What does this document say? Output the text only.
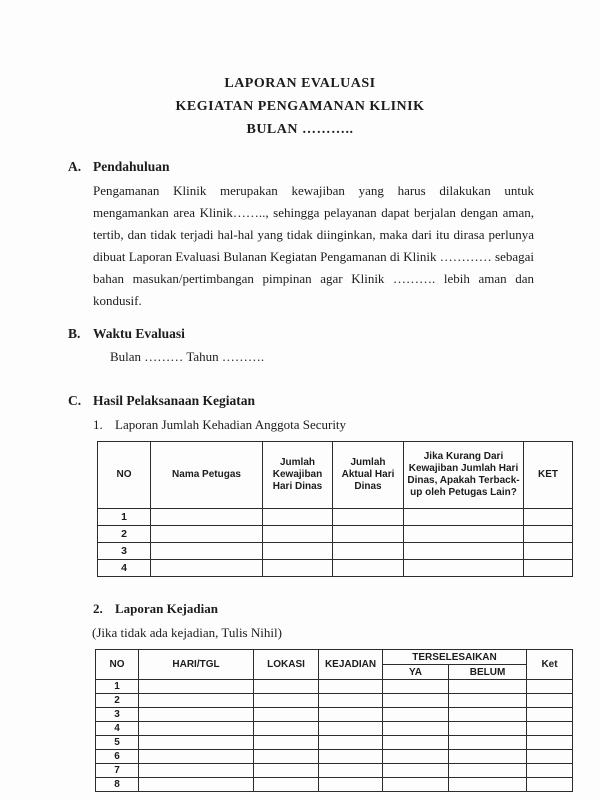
LAPORAN EVALUASI
KEGIATAN PENGAMANAN KLINIK
BULAN ………..
A. Pendahuluan
Pengamanan Klinik merupakan kewajiban yang harus dilakukan untuk mengamankan area Klinik…….., sehingga pelayanan dapat berjalan dengan aman, tertib, dan tidak terjadi hal-hal yang tidak diinginkan, maka dari itu dirasa perlunya dibuat Laporan Evaluasi Bulanan Kegiatan Pengamanan di Klinik ………… sebagai bahan masukan/pertimbangan pimpinan agar Klinik ………. lebih aman dan kondusif.
B. Waktu Evaluasi
Bulan ……… Tahun ……….
C. Hasil Pelaksanaan Kegiatan
1. Laporan Jumlah Kehadian Anggota Security
NO	Nama Petugas	Jumlah Kewajiban Hari Dinas	Jumlah Aktual Hari Dinas	Jika Kurang Dari Kewajiban Jumlah Hari Dinas, Apakah Terback-up oleh Petugas Lain?	KET
1					
2					
3					
4					
2. Laporan Kejadian
(Jika tidak ada kejadian, Tulis Nihil)
NO	HARI/TGL	LOKASI	KEJADIAN	TERSELESAIKAN		Ket
				YA	BELUM	
1						
2						
3						
4						
5						
6						
7						
8						
